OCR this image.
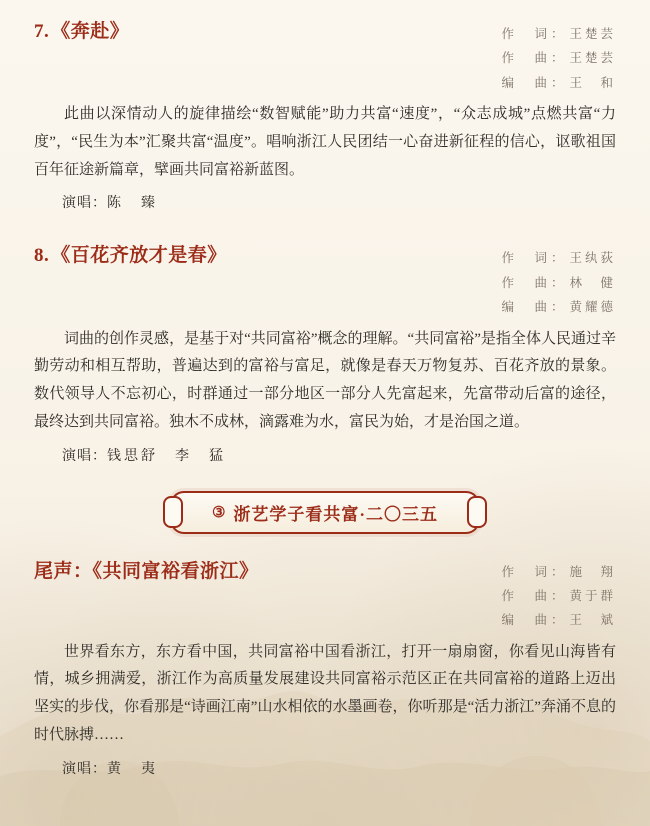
7. 《奔赴》	作　词： 王楚芸
作　曲： 王楚芸
编　曲： 王　和

此曲以深情动人的旋律描绘“数智赋能”助力共富“速度”，“众志成城”点燃共富“力度”，“民生为本”汇聚共富“温度”。唱响浙江人民团结一心奋进新征程的信心，讴歌祖国百年征途新篇章，擘画共同富裕新蓝图。

演唱：陈　臻

8. 《百花齐放才是春》	作　词： 王纨荻
作　曲： 林　健
编　曲： 黄耀德

词曲的创作灵感，是基于对“共同富裕”概念的理解。“共同富裕”是指全体人民通过辛勤劳动和相互帮助，普遍达到的富裕与富足，就像是春天万物复苏、百花齐放的景象。数代领导人不忘初心，时群通过一部分地区一部分人先富起来，先富带动后富的途径，最终达到共同富裕。独木不成林，滴露难为水，富民为始，才是治国之道。

演唱：钱思舒　李　猛

③ 浙艺学子看共富·二〇三五
尾声：《共同富裕看浙江》	作　词： 施　翔
作　曲： 黄于群
编　曲： 王　斌

世界看东方，东方看中国，共同富裕中国看浙江，打开一扇扇窗，你看见山海皆有情，城乡拥满爱，浙江作为高质量发展建设共同富裕示范区正在共同富裕的道路上迈出坚实的步伐，你看那是“诗画江南”山水相依的水墨画卷，你听那是“活力浙江”奔涌不息的时代脉搏……

演唱：黄　夷
